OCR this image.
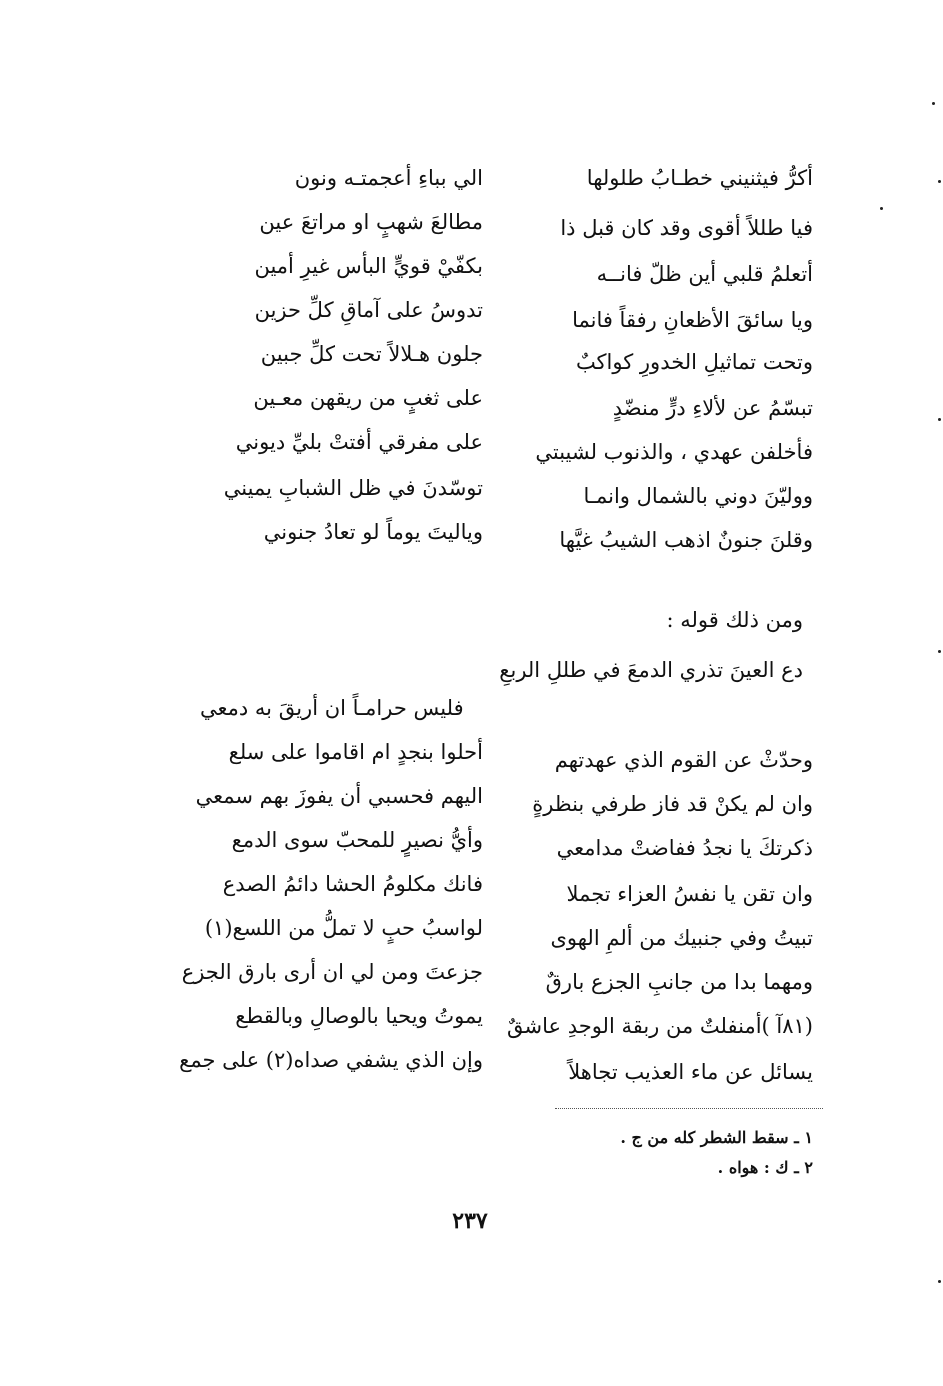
أكرُّ فيثنيني خطـابُ طلولها
فيا طللاً أقوى وقد كان قبل ذا
أتعلمُ قلبي أين ظلّ فانــه
ويا سائقَ الأظعانِ رفقاً فانما
وتحت تماثيلِ الخدورِ كواكبٌ
تبسّمُ عن لألاءِ درٍّ منضّدٍ
فأخلفن عهدي ، والذنوب لشيبتي
ووليّنَ دوني بالشمال وانمـا
وقلنَ جنونٌ اذهب الشيبُ غيَّها
الي بباءِ أعجمتـه ونون
مطالعَ شهبٍ او مراتعَ عين
بكفّيْ قويٍّ البأس غيرِ أمين
تدوسُ على آماقِ كلِّ حزين
جلون هـلالاً تحت كلِّ جبين
على ثغبٍ من ريقهن معـين
على مفرقي أفتتْ بليِّ ديوني
توسّدنَ في ظل الشبابِ يميني
وياليتَ يوماً لو تعادُ جنوني
ومن ذلك قوله :
دع العينَ تذري الدمعَ في طللِ الربعِ
فليس حرامـاً ان أريقَ به دمعي
وحدّثْ عن القوم الذي عهدتهم
وان لم يكنْ قد فاز طرفي بنظرةٍ
ذكرتكَ يا نجدُ ففاضتْ مدامعي
وان تقن يا نفسُ العزاء تجملا
تبيتُ وفي جنبيك من ألمِ الهوى
ومهما بدا من جانبِ الجزع بارقٌ
(٨١آ )أمنفلتٌ من ربقة الوجدِ عاشقٌ
يسائل عن ماء العذيب تجاهلاً
أحلوا بنجدٍ ام اقاموا على سلع
اليهم فحسبي أن يفوزَ بهم سمعي
وأيُّ نصيرٍ للمحبّ سوى الدمع
فانك مكلومُ الحشا دائمُ الصدع
لواسبُ حبٍ لا تملُّ من اللسع(١)
جزعتَ ومن لي ان أرى بارق الجزع
يموتُ ويحيا بالوصالِ وبالقطع
وإن الذي يشفي صداه(٢) على جمع
١ ـ سقط الشطر كله من ج .
٢ ـ ك : هواه .
٢٣٧
